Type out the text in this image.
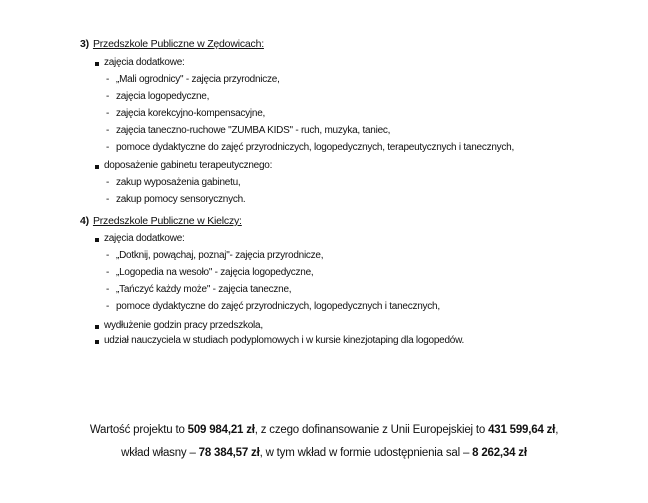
3) Przedszkole Publiczne w Zędowicach:
zajęcia dodatkowe:
- „Mali ogrodnicy" - zajęcia przyrodnicze,
- zajęcia logopedyczne,
- zajęcia korekcyjno-kompensacyjne,
- zajęcia taneczno-ruchowe "ZUMBA KIDS" - ruch, muzyka, taniec,
- pomoce dydaktyczne do zajęć przyrodniczych, logopedycznych, terapeutycznych i tanecznych,
doposażenie gabinetu terapeutycznego:
- zakup wyposażenia gabinetu,
- zakup pomocy sensorycznych.
4) Przedszkole Publiczne w Kielczy:
zajęcia dodatkowe:
- „Dotknij, powąchaj, poznaj"- zajęcia przyrodnicze,
- „Logopedia na wesoło" - zajęcia logopedyczne,
- „Tańczyć każdy może" - zajęcia taneczne,
- pomoce dydaktyczne do zajęć przyrodniczych, logopedycznych i tanecznych,
wydłużenie godzin pracy przedszkola,
udział nauczyciela w studiach podyplomowych i w kursie kinezjotaping dla logopedów.
Wartość projektu to 509 984,21 zł, z czego dofinansowanie z Unii Europejskiej to 431 599,64 zł,
wkład własny – 78 384,57 zł, w tym wkład w formie udostępnienia sal – 8 262,34 zł
